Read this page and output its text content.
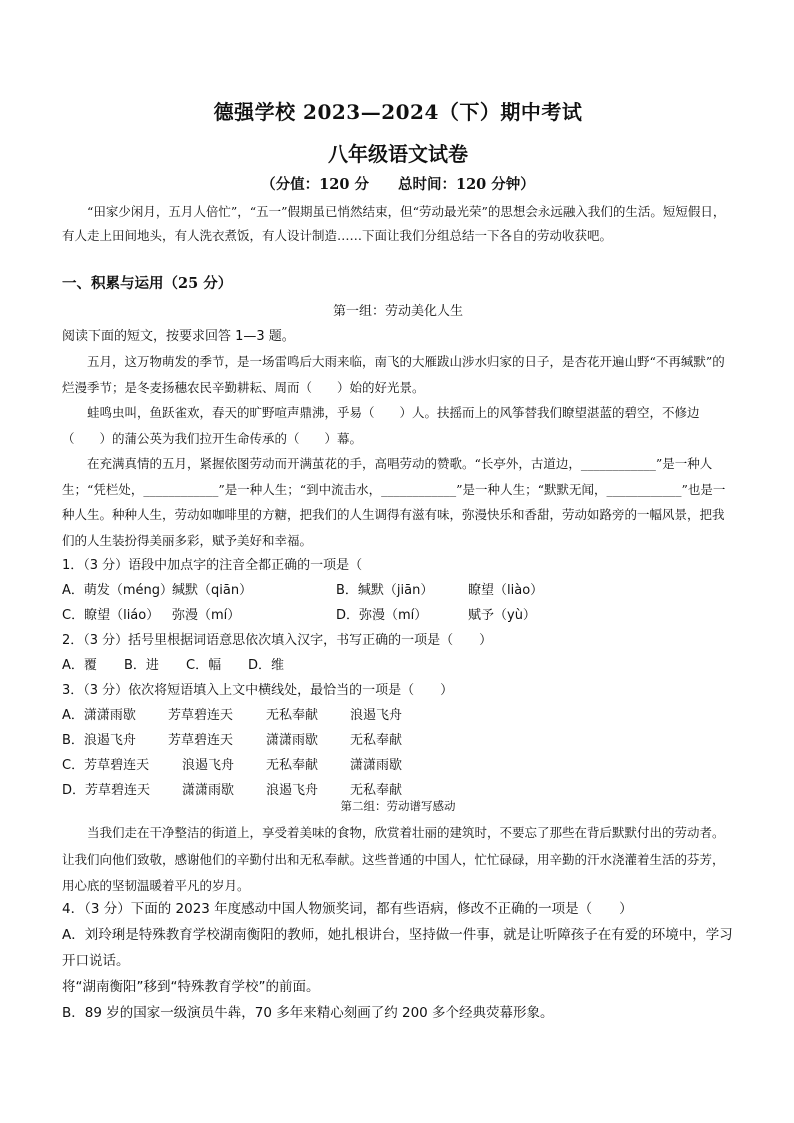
德强学校 2023—2024（下）期中考试

八年级语文试卷

（分值：120 分　　总时间：120 分钟）

“田家少闲月，五月人倍忙”，“五一”假期虽已悄然结束，但“劳动最光荣”的思想会永远融入我们的生活。短短假日，有人走上田间地头，有人洗衣煮饭，有人设计制造……下面让我们分组总结一下各自的劳动收获吧。

一、积累与运用（25 分）

第一组：劳动美化人生

阅读下面的短文，按要求回答 1—3 题。
五月，这万物萌发的季节，是一场雷鸣后大雨来临，南飞的大雁跋山涉水归家的日子，是杏花开遍山野“不再缄默”的烂漫季节；是冬麦扬穗农民辛勤耕耘、周而（　　）始的好光景。
蛙鸣虫叫，鱼跃雀欢，春天的旷野喧声鼎沸，乎易（　　）人。扶摇而上的风筝替我们瞭望湛蓝的碧空，不修边（　　）的蒲公英为我们拉开生命传承的（　　）幕。
在充满真情的五月，紧握依图劳动而开满茧花的手，高唱劳动的赞歌。“长亭外，古道边，____________”是一种人生；“凭栏处，____________”是一种人生；“到中流击水，____________”是一种人生；“默默无闻，____________”也是一种人生。种种人生，劳动如咖啡里的方糖，把我们的人生调得有滋有味，弥漫快乐和香甜，劳动如路旁的一幅风景，把我们的人生装扮得美丽多彩，赋予美好和幸福。
1．（3 分）语段中加点字的注音全都正确的一项是（
A．萌发（méng）缄默（qiān）	B．缄默（jiān）	瞭望（liào）
C．瞭望（liáo） 弥漫（mí）	D．弥漫（mí）	赋予（yù）
2．（3 分）括号里根据词语意思依次填入汉字，书写正确的一项是（　　）
A．覆 B．进 C．幅 D．维
3．（3 分）依次将短语填入上文中横线处，最恰当的一项是（　　）
A．潇潇雨歇 芳草碧连天	无私奉献 浪遏飞舟
B．浪遏飞舟 芳草碧连天	潇潇雨歇 无私奉献
C．芳草碧连天	浪遏飞舟 无私奉献 潇潇雨歇
D．芳草碧连天 潇潇雨歇 浪遏飞舟 无私奉献

第二组：劳动谱写感动

当我们走在干净整洁的街道上，享受着美味的食物，欣赏着壮丽的建筑时，不要忘了那些在背后默默付出的劳动者。让我们向他们致敬，感谢他们的辛勤付出和无私奉献。这些普通的中国人，忙忙碌碌，用辛勤的汗水浇灌着生活的芬芳，用心底的坚韧温暖着平凡的岁月。

4．（3 分）下面的 2023 年度感动中国人物颁奖词，都有些语病，修改不正确的一项是（　　）
A．刘玲琍是特殊教育学校湖南衡阳的教师，她扎根讲台，坚持做一件事，就是让听障孩子在有爱的环境中，学习开口说话。
将“湖南衡阳”移到“特殊教育学校”的前面。
B．89 岁的国家一级演员牛犇，70 多年来精心刻画了约 200 多个经典荧幕形象。
